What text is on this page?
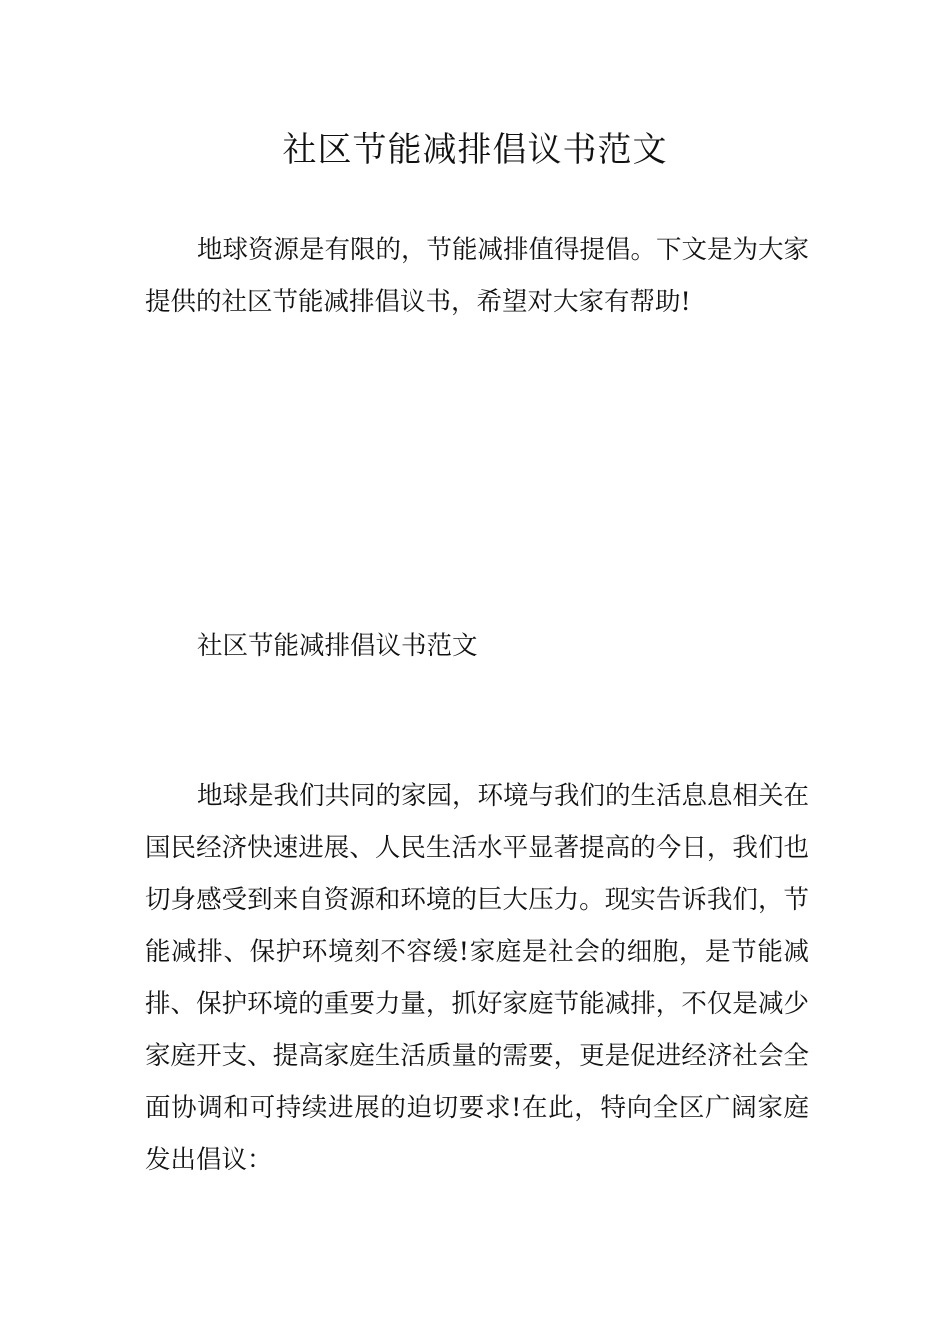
社区节能减排倡议书范文

地球资源是有限的，节能减排值得提倡。下文是为大家提供的社区节能减排倡议书，希望对大家有帮助!

社区节能减排倡议书范文

地球是我们共同的家园，环境与我们的生活息息相关在国民经济快速进展、人民生活水平显著提高的今日，我们也切身感受到来自资源和环境的巨大压力。现实告诉我们，节能减排、保护环境刻不容缓!家庭是社会的细胞，是节能减排、保护环境的重要力量，抓好家庭节能减排，不仅是减少家庭开支、提高家庭生活质量的需要，更是促进经济社会全面协调和可持续进展的迫切要求!在此，特向全区广阔家庭发出倡议：
